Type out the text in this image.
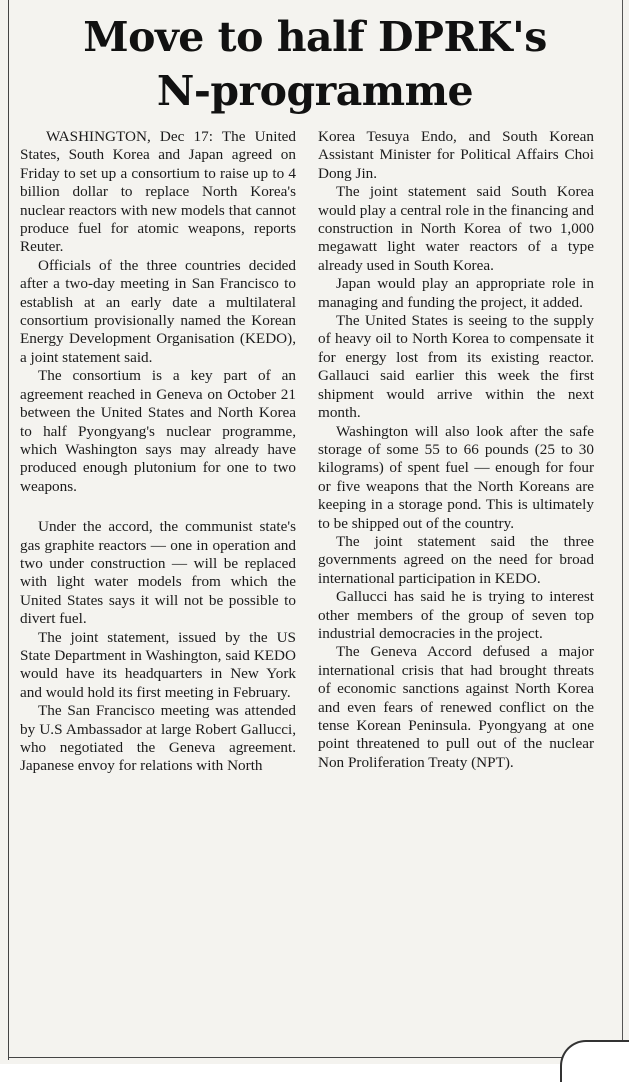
Move to half DPRK's
N-programme

WASHINGTON, Dec 17: The United States, South Korea and Japan agreed on Friday to set up a consortium to raise up to 4 billion dollar to replace North Korea's nuclear reactors with new models that cannot produce fuel for atomic weapons, reports Reuter.

Officials of the three countries decided after a two-day meeting in San Francisco to establish at an early date a multilateral consortium provisionally named the Korean Energy Development Organisation (KEDO), a joint statement said.

The consortium is a key part of an agreement reached in Geneva on October 21 between the United States and North Korea to half Pyongyang's nuclear programme, which Washington says may already have produced enough plutonium for one to two weapons.

Under the accord, the communist state's gas graphite reactors — one in operation and two under construction — will be replaced with light water models from which the United States says it will not be possible to divert fuel.

The joint statement, issued by the US State Department in Washington, said KEDO would have its headquarters in New York and would hold its first meeting in February.

The San Francisco meeting was attended by U.S Ambassador at large Robert Gallucci, who negotiated the Geneva agreement. Japanese envoy for relations with North

Korea Tesuya Endo, and South Korean Assistant Minister for Political Affairs Choi Dong Jin.

The joint statement said South Korea would play a central role in the financing and construction in North Korea of two 1,000 megawatt light water reactors of a type already used in South Korea.

Japan would play an appropriate role in managing and funding the project, it added.

The United States is seeing to the supply of heavy oil to North Korea to compensate it for energy lost from its existing reactor. Gallauci said earlier this week the first shipment would arrive within the next month.

Washington will also look after the safe storage of some 55 to 66 pounds (25 to 30 kilograms) of spent fuel — enough for four or five weapons that the North Koreans are keeping in a storage pond. This is ultimately to be shipped out of the country.

The joint statement said the three governments agreed on the need for broad international participation in KEDO.

Gallucci has said he is trying to interest other members of the group of seven top industrial democracies in the project.

The Geneva Accord defused a major international crisis that had brought threats of economic sanctions against North Korea and even fears of renewed conflict on the tense Korean Peninsula. Pyongyang at one point threatened to pull out of the nuclear Non Proliferation Treaty (NPT).
